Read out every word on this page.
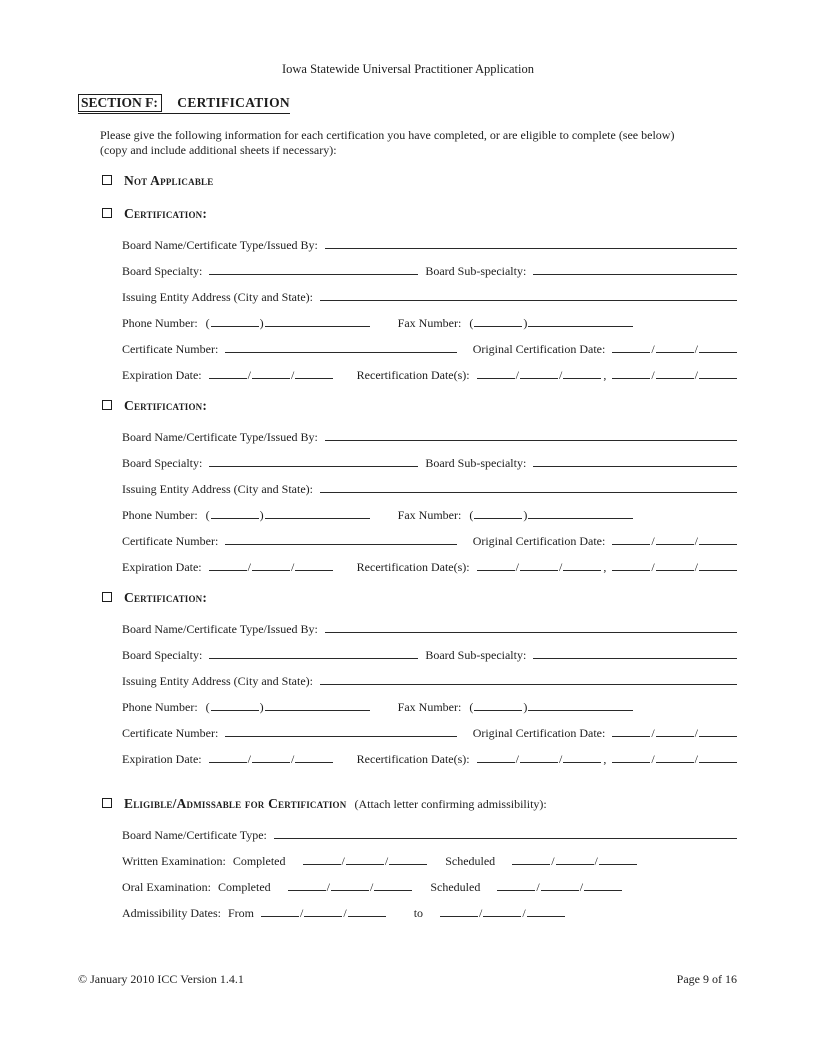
Iowa Statewide Universal Practitioner Application
SECTION F: CERTIFICATION
Please give the following information for each certification you have completed, or are eligible to complete (see below)
(copy and include additional sheets if necessary):
Not Applicable
Certification:
Board Name/Certificate Type/Issued By:
Board Specialty:	Board Sub-specialty:
Issuing Entity Address (City and State):
Phone Number: (	)	Fax Number: (	)
Certificate Number:	Original Certification Date:	/	/
Expiration Date:	/	/	Recertification Date(s):	/	/	,	/	/
Certification:
Board Name/Certificate Type/Issued By:
Board Specialty:	Board Sub-specialty:
Issuing Entity Address (City and State):
Phone Number: (	)	Fax Number: (	)
Certificate Number:	Original Certification Date:	/	/
Expiration Date:	/	/	Recertification Date(s):	/	/	,	/	/
Certification:
Board Name/Certificate Type/Issued By:
Board Specialty:	Board Sub-specialty:
Issuing Entity Address (City and State):
Phone Number: (	)	Fax Number: (	)
Certificate Number:	Original Certification Date:	/	/
Expiration Date:	/	/	Recertification Date(s):	/	/	,	/	/
Eligible/Admissable for Certification (Attach letter confirming admissibility):
Board Name/Certificate Type:
Written Examination: Completed	/	/	Scheduled	/	/
Oral Examination: Completed	/	/	Scheduled	/	/
Admissibility Dates: From	/	/	to	/	/
© January 2010 ICC Version 1.4.1	Page 9 of 16
